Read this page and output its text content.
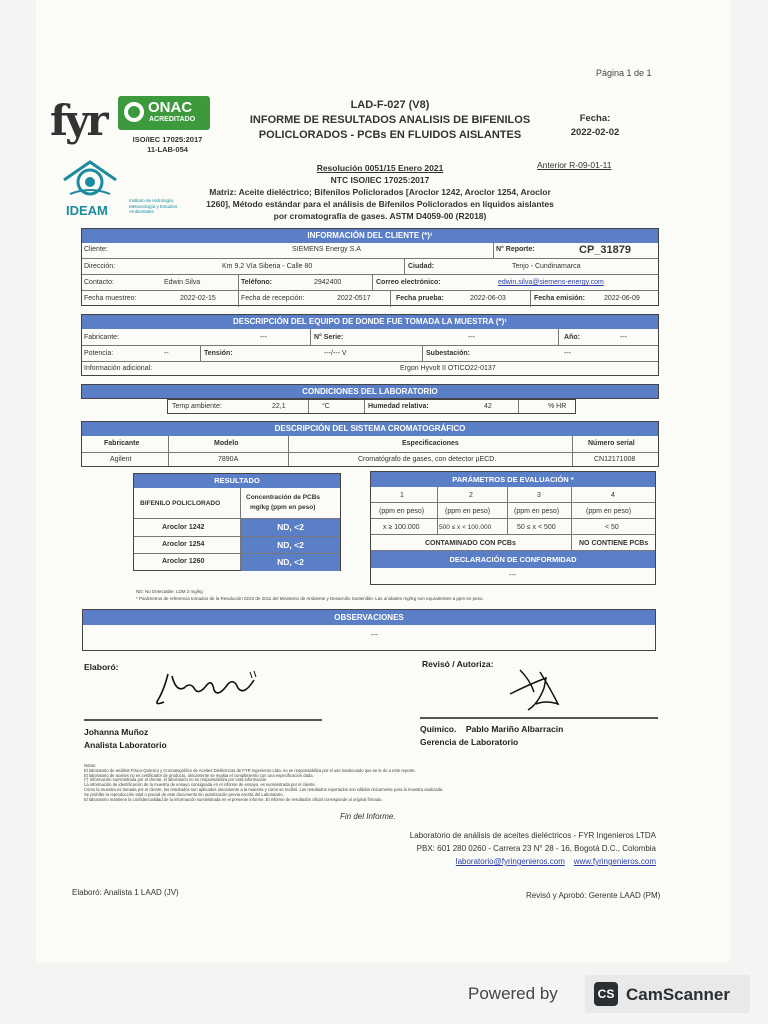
Página 1 de 1
fyr	ONAC
ACREDITADO
ISO/IEC 17025:2017
11-LAB-054
IDEAM
Instituto de Hidrología, Meteorología y Estudios Ambientales
LAD-F-027 (V8)
INFORME DE RESULTADOS ANALISIS DE BIFENILOS
POLICLORADOS - PCBs EN FLUIDOS AISLANTES
Fecha:
2022-02-02
Resolución 0051/15 Enero 2021
NTC ISO/IEC 17025:2017
Anterior R-09-01-11
Matriz: Aceite dieléctrico; Bifenilos Policlorados [Aroclor 1242, Aroclor 1254, Aroclor
1260], Método estándar para el análisis de Bifenilos Policlorados en líquidos aislantes
por cromatografía de gases. ASTM D4059-00 (R2018)
INFORMACIÓN DEL CLIENTE (*)¹
Cliente:	SIEMENS Energy S.A	N° Reporte:	CP_31879
Dirección:	Km 9.2 Vía Siberia - Calle 80	Ciudad:	Tenjo - Cundinamarca
Contacto:	Edwin Silva	Teléfono:	2942400	Correo electrónico:	edwin.silva@siemens-energy.com
Fecha muestreo:	2022-02-15	Fecha de recepción:	2022-0517	Fecha prueba:	2022-06-03	Fecha emisión:	2022-06-09
DESCRIPCIÓN DEL EQUIPO DE DONDE FUE TOMADA LA MUESTRA (*)¹
Fabricante:	---	N° Serie:	---	Año:	---
Potencia:	--	Tensión:	---/--- V	Subestación:	---
Información adicional:	Ergon Hyvolt II OTICO22-0137
CONDICIONES DEL LABORATORIO
Temp ambiente:	22,1	°C	Humedad relativa:	42	% HR
DESCRIPCIÓN DEL SISTEMA CROMATOGRÁFICO
Fabricante	Modelo	Especificaciones	Número serial
Agilent	7890A	Cromatógrafo de gases, con detector µECD.	CN12171008
RESULTADO
BIFENILO POLICLORADO
Concentración de PCBs
mg/kg (ppm en peso)
Aroclor 1242	ND, <2
Aroclor 1254	ND, <2
Aroclor 1260	ND, <2
PARÁMETROS DE EVALUACIÓN *
1	2	3	4
(ppm en peso)	(ppm en peso)	(ppm en peso)	(ppm en peso)
x ≥ 100.000	500 ≤ x < 100.000	50 ≤ x < 500	< 50
CONTAMINADO CON PCBs	NO CONTIENE PCBs
DECLARACIÓN DE CONFORMIDAD
---
ND: No Detectable. LDM 2 mg/kg
* Parámetros de referencia tomados de la Resolución 0222 de 2011 del Ministerio de Ambiente y Desarrollo Sostenible. Las unidades mg/Kg son equivalentes a ppm en peso.
OBSERVACIONES
---
Elaboró:	Revisó / Autoriza:
Johanna Muñoz
Analista Laboratorio
Químico. Pablo Mariño Albarracin
Gerencia de Laboratorio
Notas:
El laboratorio de análisis Físico-Químico y Cromatográfico de Aceites Dieléctricos de FYR Ingenieros Ltda. no se responsabiliza por el uso inadecuado que se le de a este reporte.
El laboratorio de aceites no es certificador de producto, únicamente se evalúa el cumplimiento con una especificación dada.
(*) Información suministrada por el cliente, el laboratorio no se responsabiliza por esta información.
La información de identificación de la muestra de ensayo consignada en el informe de ensayo, es suministrada por el cliente.
Como la muestra es tomada por el cliente, los resultados son aplicados únicamente a la muestra y como se recibió. Los resultados reportados son válidos únicamente para la muestra analizada.
Se prohíbe la reproducción total o parcial de este documento sin autorización previa escrita del Laboratorio.
El laboratorio mantiene la confidencialidad de la información suministrada en el presente informe. El informe de resultados oficial corresponde al original firmado.
Fin del Informe.
Laboratorio de análisis de aceites dieléctricos - FYR Ingenieros LTDA
PBX: 601 280 0260 - Carrera 23 N° 28 - 16, Bogotá D.C., Colombia
laboratorio@fyringenieros.com www.fyringenieros.com
Elaboró: Analista 1 LAAD (JV)	Revisó y Aprobó: Gerente LAAD (PM)
Powered by	CS CamScanner
